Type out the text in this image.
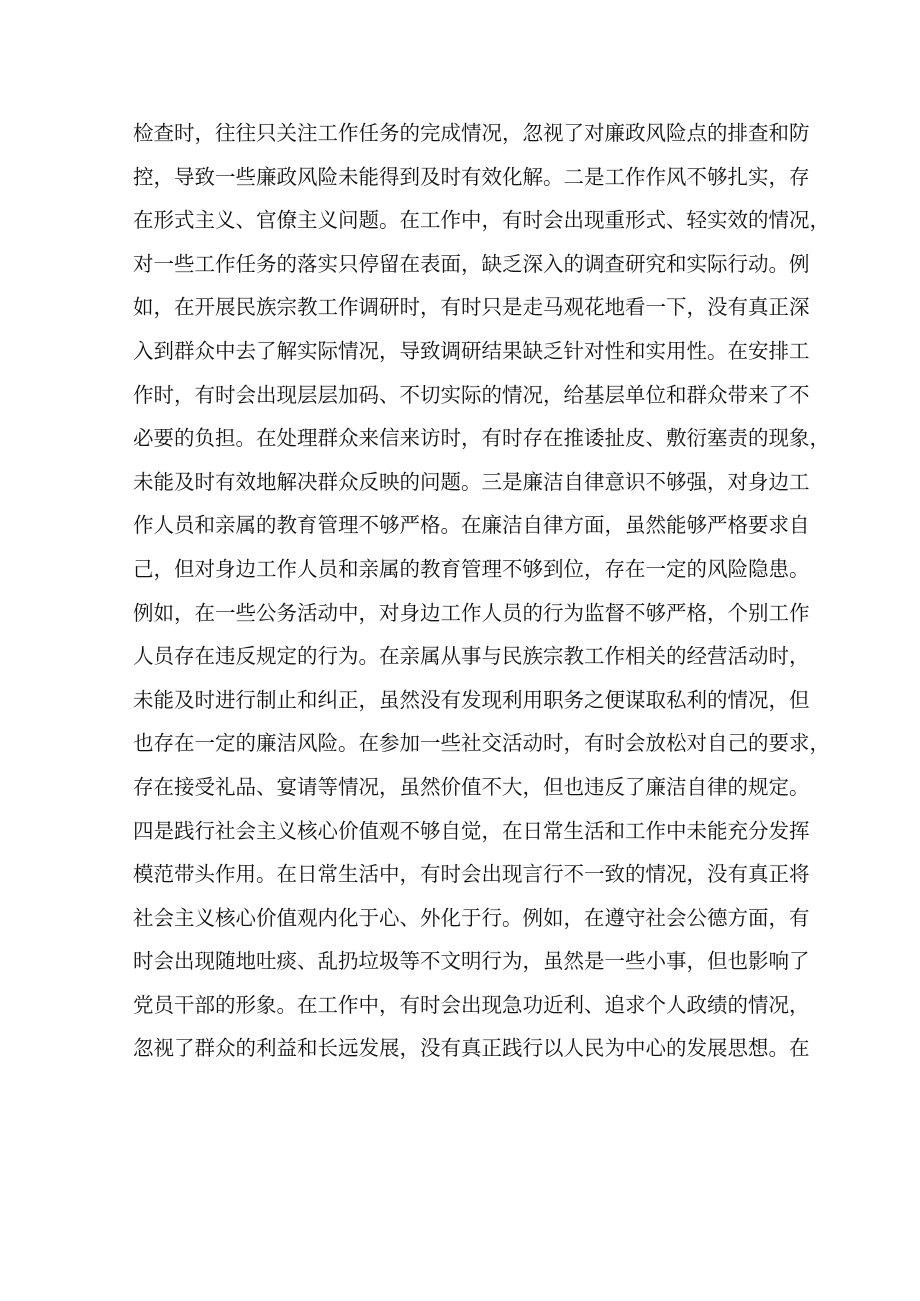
检查时，往往只关注工作任务的完成情况，忽视了对廉政风险点的排查和防
控，导致一些廉政风险未能得到及时有效化解。二是工作作风不够扎实，存
在形式主义、官僚主义问题。在工作中，有时会出现重形式、轻实效的情况，
对一些工作任务的落实只停留在表面，缺乏深入的调查研究和实际行动。例
如，在开展民族宗教工作调研时，有时只是走马观花地看一下，没有真正深
入到群众中去了解实际情况，导致调研结果缺乏针对性和实用性。在安排工
作时，有时会出现层层加码、不切实际的情况，给基层单位和群众带来了不
必要的负担。在处理群众来信来访时，有时存在推诿扯皮、敷衍塞责的现象，
未能及时有效地解决群众反映的问题。三是廉洁自律意识不够强，对身边工
作人员和亲属的教育管理不够严格。在廉洁自律方面，虽然能够严格要求自
己，但对身边工作人员和亲属的教育管理不够到位，存在一定的风险隐患。
例如，在一些公务活动中，对身边工作人员的行为监督不够严格，个别工作
人员存在违反规定的行为。在亲属从事与民族宗教工作相关的经营活动时，
未能及时进行制止和纠正，虽然没有发现利用职务之便谋取私利的情况，但
也存在一定的廉洁风险。在参加一些社交活动时，有时会放松对自己的要求，
存在接受礼品、宴请等情况，虽然价值不大，但也违反了廉洁自律的规定。
四是践行社会主义核心价值观不够自觉，在日常生活和工作中未能充分发挥
模范带头作用。在日常生活中，有时会出现言行不一致的情况，没有真正将
社会主义核心价值观内化于心、外化于行。例如，在遵守社会公德方面，有
时会出现随地吐痰、乱扔垃圾等不文明行为，虽然是一些小事，但也影响了
党员干部的形象。在工作中，有时会出现急功近利、追求个人政绩的情况，
忽视了群众的利益和长远发展，没有真正践行以人民为中心的发展思想。在
